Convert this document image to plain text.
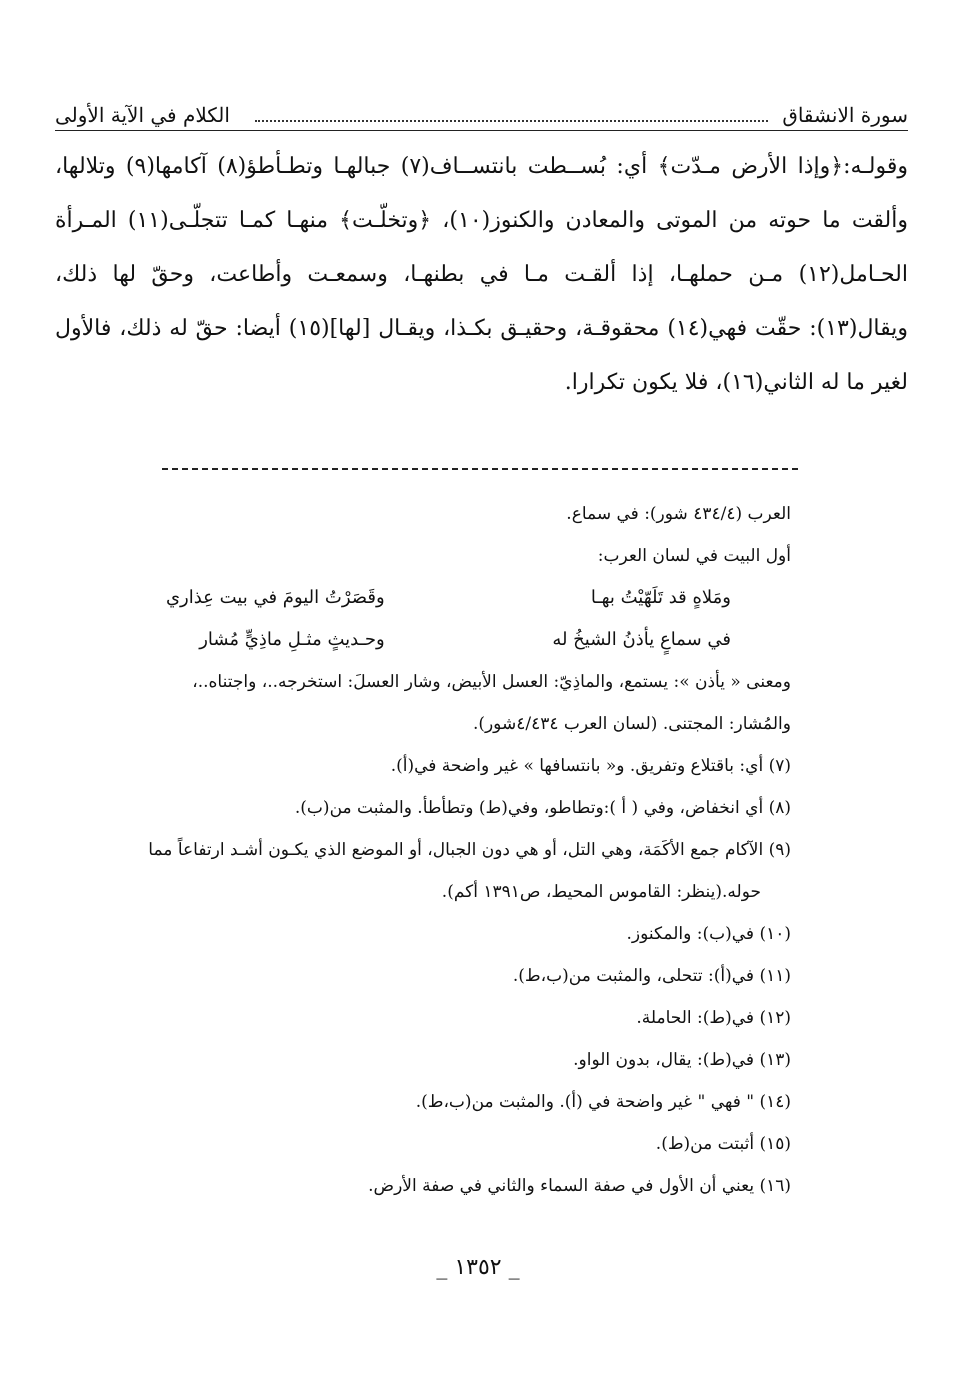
سورة الانشقاق
الكلام في الآية الأولى

وقولـه:﴿وإذا الأرض مـدّت﴾ أي: بُســطت بانتســاف(٧) جبالهـا وتطـأطؤ(٨) آكامها(٩) وتلالها، وألقت ما حوته من الموتى والمعادن والكنوز(١٠)، ﴿وتخلّـت﴾ منهـا كمـا تتجلّـى(١١) المـرأة الحـامل(١٢) مـن حملهـا، إذا ألقـت مـا في بطنهـا، وسمعـت وأطاعت، وحقّ لها ذلك، ويقال(١٣): حقّت فهي(١٤) محقوقـة، وحقيـق بكـذا، ويقـال [لها](١٥) أيضا: حقّ له ذلك، فالأول لغير ما له الثاني(١٦)، فلا يكون تكرارا.

العرب (٤٣٤/٤ شور): في سماع.

أول البيت في لسان العرب:

ومَلاهٍ قد تَلَهّيْتُ بهـا
وقَصَرْتُ اليومَ في بيت عِذاري
في سماعٍ يأذنُ الشيخُ له
وحـديثٍ مثـلِ ماذِيٍّ مُشار

ومعنى « يأذن »: يستمع، والماذِيّ: العسل الأبيض، وشار العسلَ: استخرجه..، واجتناه..،

والمُشار: المجتنى. (لسان العرب ٤/٤٣٤شور).

(٧) أي: باقتلاع وتفريق. و« بانتسافها » غير واضحة في(أ).

(٨) أي انخفاض، وفي ( أ ):وتطاطو، وفي(ط) وتطأطأ. والمثبت من(ب).

(٩) الآكام جمع الأكَمَة، وهي التل، أو هي دون الجبال، أو الموضع الذي يكـون أشـد ارتفاعاً مما

حوله.(ينظر: القاموس المحيط، ص١٣٩١ أكم).

(١٠) في(ب): والمكنوز.

(١١) في(أ): تتحلى، والمثبت من(ب،ط).

(١٢) في(ط): الحاملة.

(١٣) في(ط): يقال، بدون الواو.

(١٤) " فهي " غير واضحة في (أ). والمثبت من(ب،ط).

(١٥) أثبتت من(ط).

(١٦) يعني أن الأول في صفة السماء والثاني في صفة الأرض.

_ ١٣٥٢ _
